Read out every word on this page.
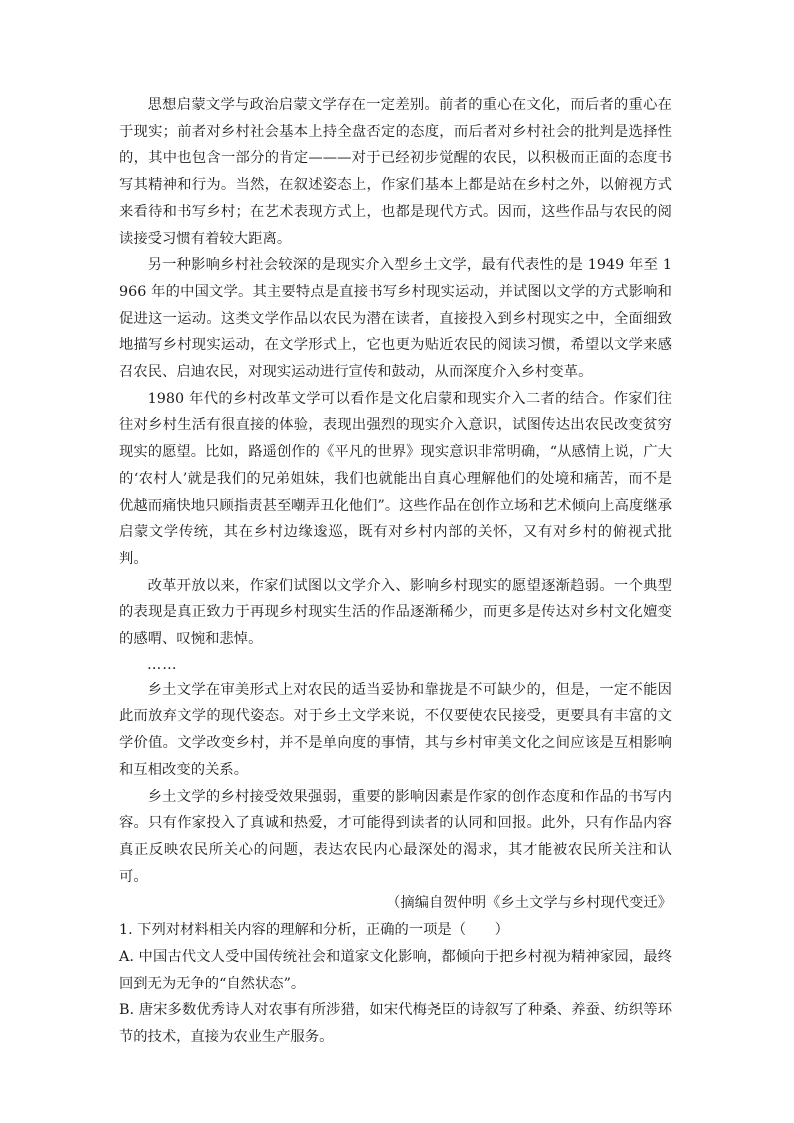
思想启蒙文学与政治启蒙文学存在一定差别。前者的重心在文化，而后者的重心在于现实；前者对乡村社会基本上持全盘否定的态度，而后者对乡村社会的批判是选择性的，其中也包含一部分的肯定———对于已经初步觉醒的农民，以积极而正面的态度书写其精神和行为。当然，在叙述姿态上，作家们基本上都是站在乡村之外，以俯视方式来看待和书写乡村；在艺术表现方式上，也都是现代方式。因而，这些作品与农民的阅读接受习惯有着较大距离。

另一种影响乡村社会较深的是现实介入型乡土文学，最有代表性的是 1949 年至 1966 年的中国文学。其主要特点是直接书写乡村现实运动，并试图以文学的方式影响和促进这一运动。这类文学作品以农民为潜在读者，直接投入到乡村现实之中，全面细致地描写乡村现实运动，在文学形式上，它也更为贴近农民的阅读习惯，希望以文学来感召农民、启迪农民，对现实运动进行宣传和鼓动，从而深度介入乡村变革。

1980 年代的乡村改革文学可以看作是文化启蒙和现实介入二者的结合。作家们往往对乡村生活有很直接的体验，表现出强烈的现实介入意识，试图传达出农民改变贫穷现实的愿望。比如，路遥创作的《平凡的世界》现实意识非常明确，“从感情上说，广大的‘农村人’就是我们的兄弟姐妹，我们也就能出自真心理解他们的处境和痛苦，而不是优越而痛快地只顾指责甚至嘲弄丑化他们”。这些作品在创作立场和艺术倾向上高度继承启蒙文学传统，其在乡村边缘逡巡，既有对乡村内部的关怀，又有对乡村的俯视式批判。

改革开放以来，作家们试图以文学介入、影响乡村现实的愿望逐渐趋弱。一个典型的表现是真正致力于再现乡村现实生活的作品逐渐稀少，而更多是传达对乡村文化嬗变的感喟、叹惋和悲悼。

……

乡土文学在审美形式上对农民的适当妥协和靠拢是不可缺少的，但是，一定不能因此而放弃文学的现代姿态。对于乡土文学来说，不仅要使农民接受，更要具有丰富的文学价值。文学改变乡村，并不是单向度的事情，其与乡村审美文化之间应该是互相影响和互相改变的关系。

乡土文学的乡村接受效果强弱，重要的影响因素是作家的创作态度和作品的书写内容。只有作家投入了真诚和热爱，才可能得到读者的认同和回报。此外，只有作品内容真正反映农民所关心的问题，表达农民内心最深处的渴求，其才能被农民所关注和认可。

（摘编自贺仲明《乡土文学与乡村现代变迁》

1. 下列对材料相关内容的理解和分析，正确的一项是（　　）

A. 中国古代文人受中国传统社会和道家文化影响，都倾向于把乡村视为精神家园，最终回到无为无争的“自然状态”。

B. 唐宋多数优秀诗人对农事有所涉猎，如宋代梅尧臣的诗叙写了种桑、养蚕、纺织等环节的技术，直接为农业生产服务。
